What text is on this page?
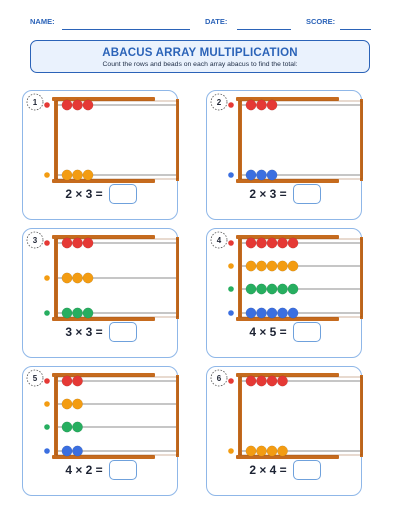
NAME:	DATE:	SCORE:
ABACUS ARRAY MULTIPLICATION
Count the rows and beads on each array abacus to find the total:
1
2 × 3 =
2
2 × 3 =
3
3 × 3 =
4
4 × 5 =
5
4 × 2 =
6
2 × 4 =
